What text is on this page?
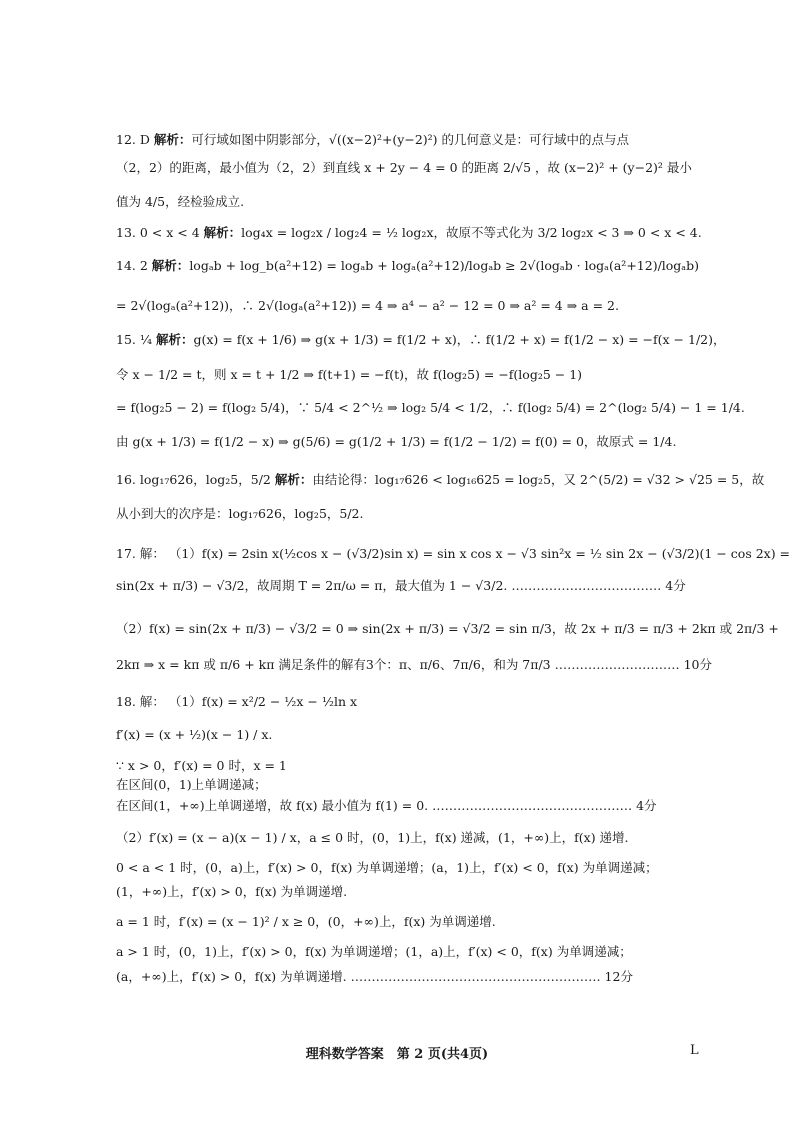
12. D 解析：可行域如图中阴影部分，√((x−2)²+(y−2)²) 的几何意义是：可行域中的点与点
（2，2）的距离，最小值为（2，2）到直线 x + 2y − 4 = 0 的距离 2/√5 ，故 (x−2)² + (y−2)² 最小
值为 4/5，经检验成立.
13. 0 < x < 4 解析：log₄x = log₂x / log₂4 = ½ log₂x，故原不等式化为 3/2 log₂x < 3 ⇒ 0 < x < 4.
14. 2 解析：logₐb + log_b(a²+12) = logₐb + logₐ(a²+12)/logₐb ≥ 2√(logₐb · logₐ(a²+12)/logₐb)
= 2√(logₐ(a²+12))，∴ 2√(logₐ(a²+12)) = 4 ⇒ a⁴ − a² − 12 = 0 ⇒ a² = 4 ⇒ a = 2.
15. ¼ 解析：g(x) = f(x + 1/6) ⇒ g(x + 1/3) = f(1/2 + x)，∴ f(1/2 + x) = f(1/2 − x) = −f(x − 1/2)，
令 x − 1/2 = t，则 x = t + 1/2 ⇒ f(t+1) = −f(t)，故 f(log₂5) = −f(log₂5 − 1)
= f(log₂5 − 2) = f(log₂ 5/4)，∵ 5/4 < 2^½ ⇒ log₂ 5/4 < 1/2，∴ f(log₂ 5/4) = 2^(log₂ 5/4) − 1 = 1/4.
由 g(x + 1/3) = f(1/2 − x) ⇒ g(5/6) = g(1/2 + 1/3) = f(1/2 − 1/2) = f(0) = 0，故原式 = 1/4.
16. log₁₇626，log₂5，5/2 解析：由结论得：log₁₇626 < log₁₆625 = log₂5，又 2^(5/2) = √32 > √25 = 5，故
从小到大的次序是：log₁₇626，log₂5，5/2.
17. 解： （1）f(x) = 2sin x(½cos x − (√3/2)sin x) = sin x cos x − √3 sin²x = ½ sin 2x − (√3/2)(1 − cos 2x) =
sin(2x + π/3) − √3/2，故周期 T = 2π/ω = π，最大值为 1 − √3/2. ……………………………… 4分
（2）f(x) = sin(2x + π/3) − √3/2 = 0 ⇒ sin(2x + π/3) = √3/2 = sin π/3，故 2x + π/3 = π/3 + 2kπ 或 2π/3 +
2kπ ⇒ x = kπ 或 π/6 + kπ 满足条件的解有3个：π、π/6、7π/6，和为 7π/3 ………………………… 10分
18. 解： （1）f(x) = x²/2 − ½x − ½ln x
f′(x) = (x + ½)(x − 1) / x.
∵ x > 0，f′(x) = 0 时，x = 1
在区间(0，1)上单调递减；
在区间(1，+∞)上单调递增，故 f(x) 最小值为 f(1) = 0. ………………………………………… 4分
（2）f′(x) = (x − a)(x − 1) / x，a ≤ 0 时，(0，1)上，f(x) 递减，(1，+∞)上，f(x) 递增.
0 < a < 1 时，(0，a)上，f′(x) > 0，f(x) 为单调递增；(a，1)上，f′(x) < 0，f(x) 为单调递减；
(1，+∞)上，f′(x) > 0，f(x) 为单调递增.
a = 1 时，f′(x) = (x − 1)² / x ≥ 0，(0，+∞)上，f(x) 为单调递增.
a > 1 时，(0，1)上，f′(x) > 0，f(x) 为单调递增；(1，a)上，f′(x) < 0，f(x) 为单调递减；
(a，+∞)上，f′(x) > 0，f(x) 为单调递增. …………………………………………………… 12分
理科数学答案　第 2 页(共4页)	L
